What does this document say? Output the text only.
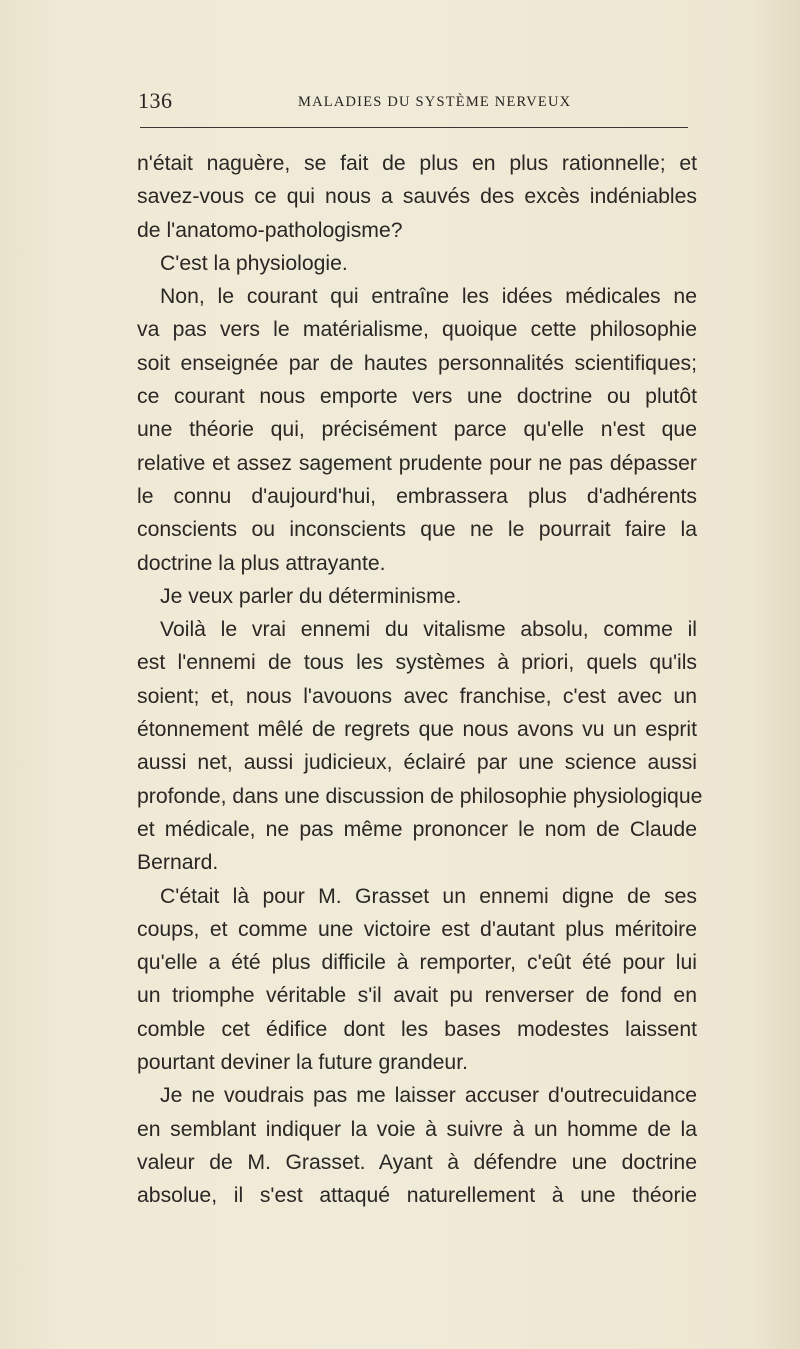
136	MALADIES DU SYSTÈME NERVEUX
n'était naguère, se fait de plus en plus rationnelle; et
savez-vous ce qui nous a sauvés des excès indéniables
de l'anatomo-pathologisme?
C'est la physiologie.
Non, le courant qui entraîne les idées médicales ne
va pas vers le matérialisme, quoique cette philosophie
soit enseignée par de hautes personnalités scientifiques;
ce courant nous emporte vers une doctrine ou plutôt
une théorie qui, précisément parce qu'elle n'est que
relative et assez sagement prudente pour ne pas dépasser
le connu d'aujourd'hui, embrassera plus d'adhérents
conscients ou inconscients que ne le pourrait faire la
doctrine la plus attrayante.
Je veux parler du déterminisme.
Voilà le vrai ennemi du vitalisme absolu, comme il
est l'ennemi de tous les systèmes à priori, quels qu'ils
soient; et, nous l'avouons avec franchise, c'est avec un
étonnement mêlé de regrets que nous avons vu un esprit
aussi net, aussi judicieux, éclairé par une science aussi
profonde, dans une discussion de philosophie physiologique
et médicale, ne pas même prononcer le nom de Claude
Bernard.
C'était là pour M. Grasset un ennemi digne de ses
coups, et comme une victoire est d'autant plus méritoire
qu'elle a été plus difficile à remporter, c'eût été pour lui
un triomphe véritable s'il avait pu renverser de fond en
comble cet édifice dont les bases modestes laissent
pourtant deviner la future grandeur.
Je ne voudrais pas me laisser accuser d'outrecuidance
en semblant indiquer la voie à suivre à un homme de la
valeur de M. Grasset. Ayant à défendre une doctrine
absolue, il s'est attaqué naturellement à une théorie
